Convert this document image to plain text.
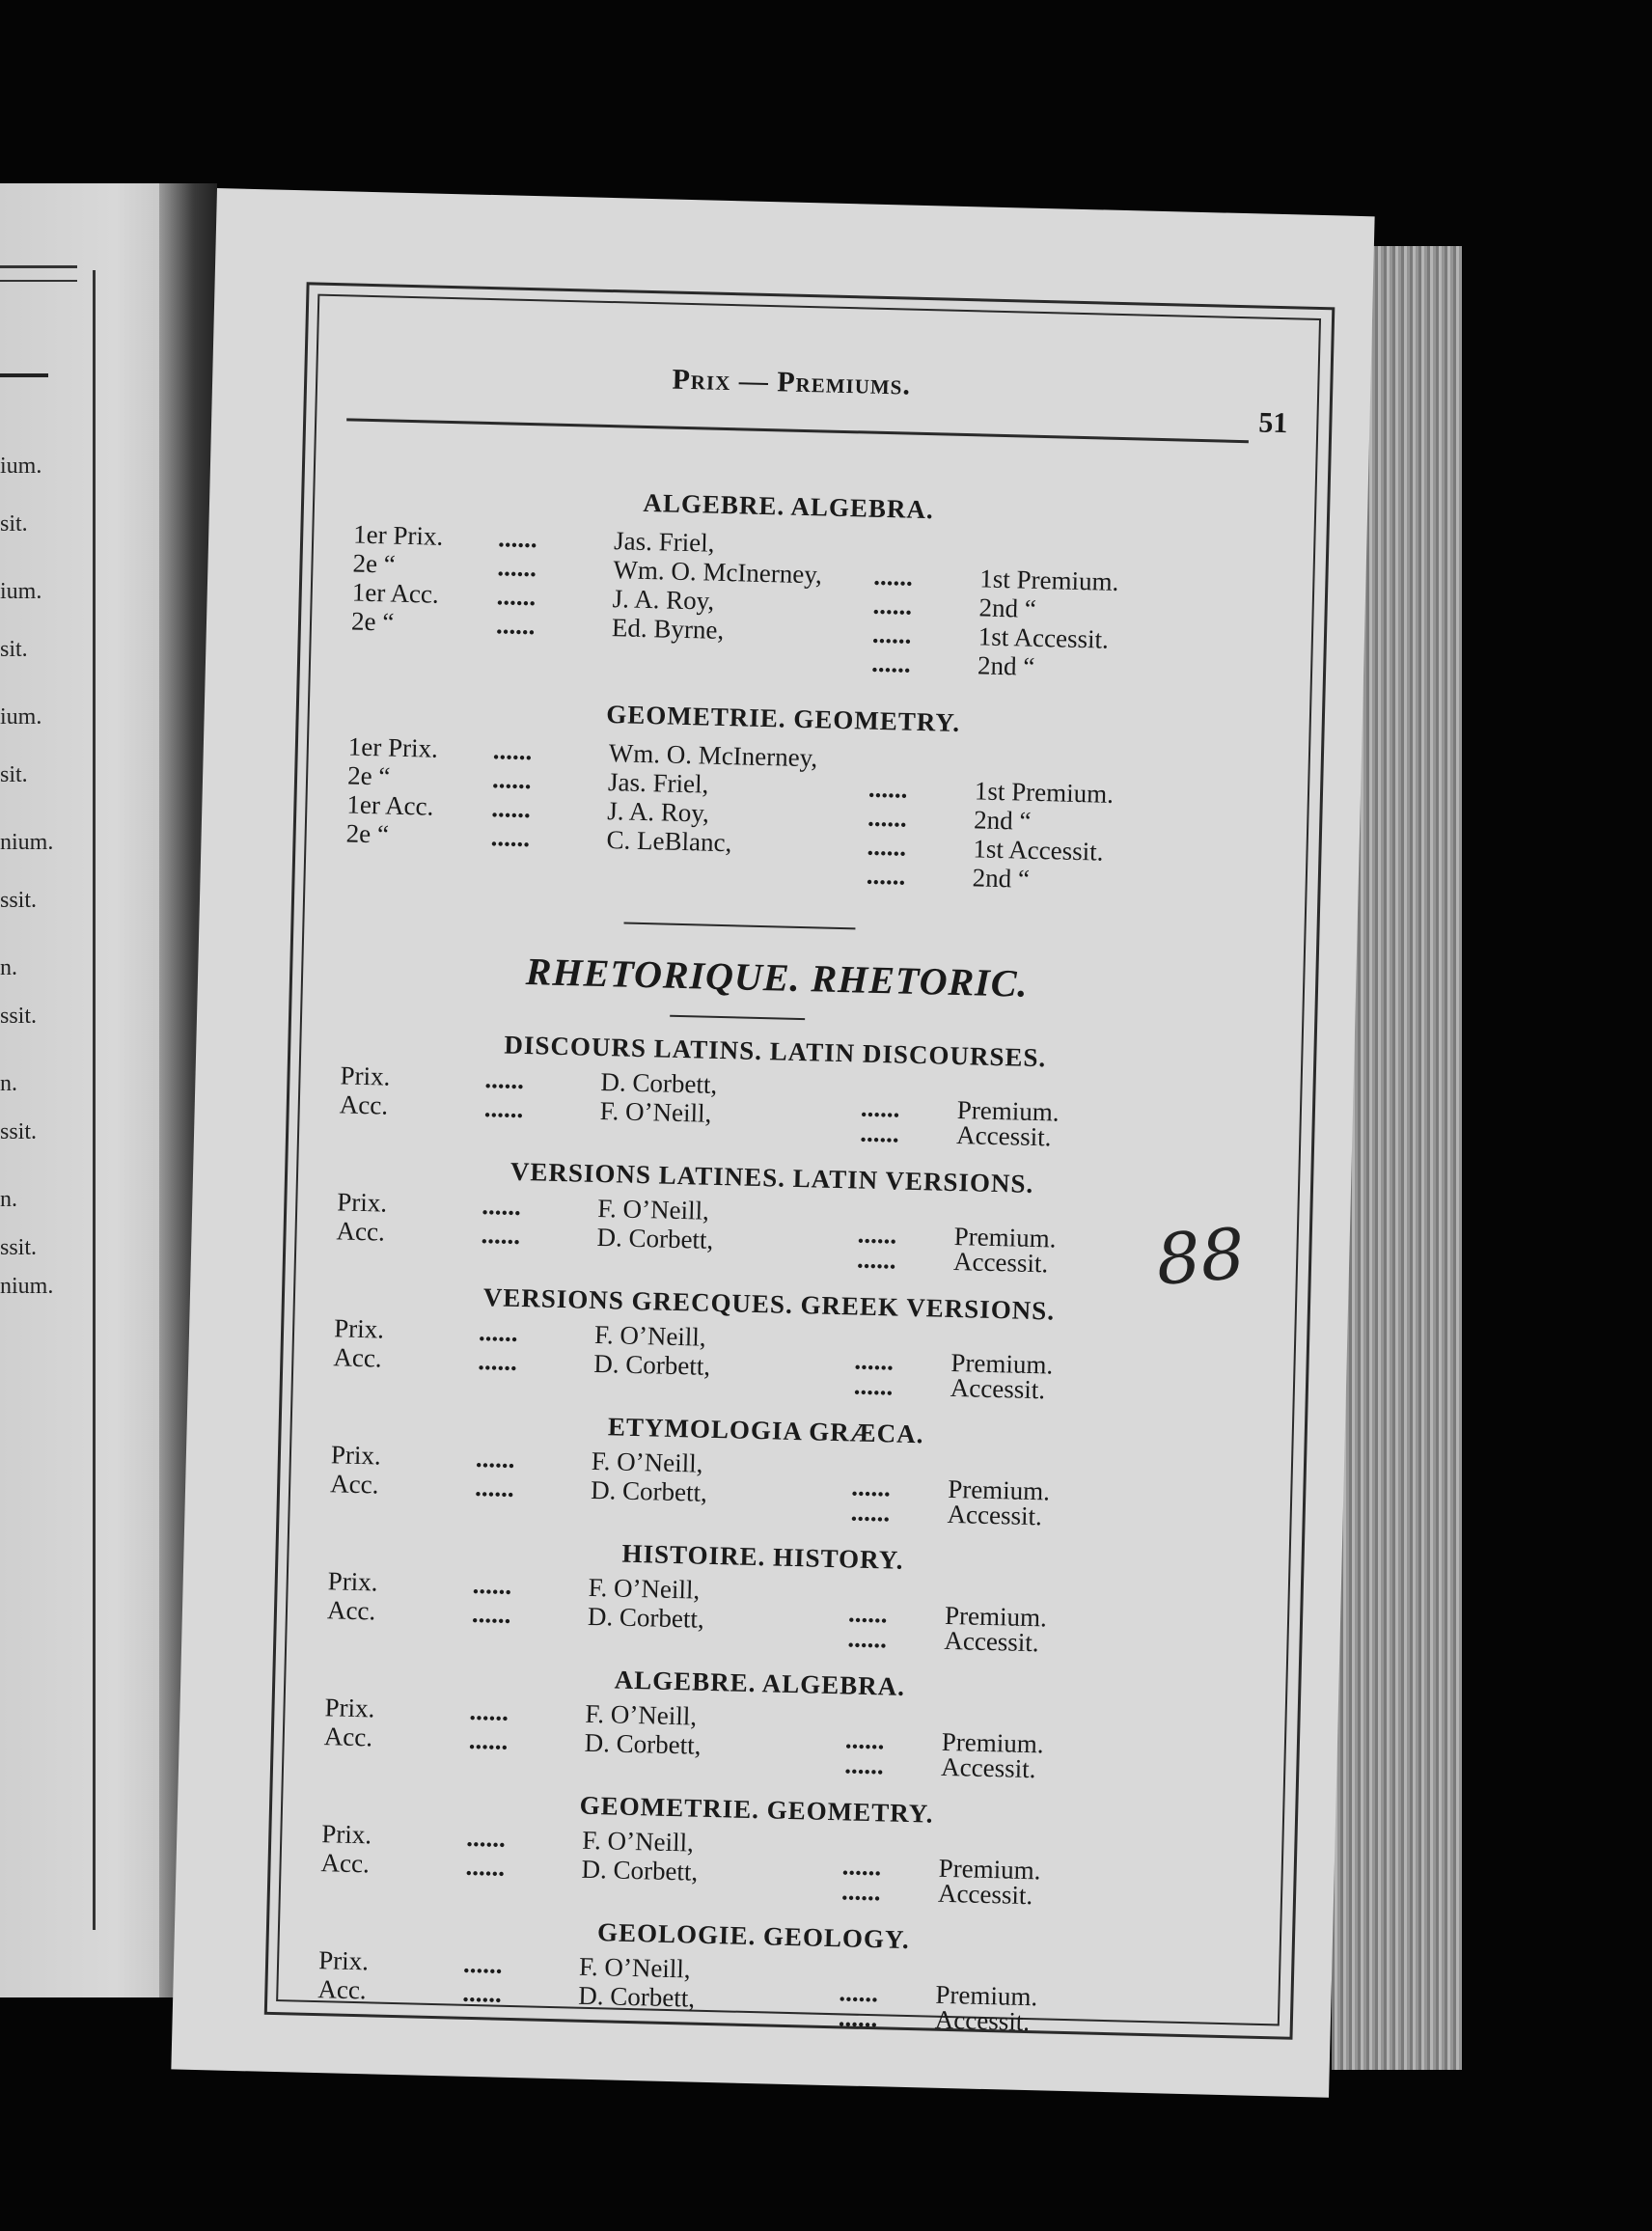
ium.
sit.
ium.
sit.
ium.
sit.
nium.
ssit.
n.
ssit.
n.
ssit.
n.
ssit.
nium.
Prix — Premiums.
51
ALGEBRE. ALGEBRA.
1er Prix. ......	Jas. Friel,
2e “	......	Wm. O. McInerney, ......	1st Premium.
1er Acc. ......	J. A. Roy,	......	2nd “
2e “	......	Ed. Byrne,	......	1st Accessit.
......	2nd “
GEOMETRIE. GEOMETRY.
1er Prix. ......	Wm. O. McInerney,
2e “	......	Jas. Friel,	......	1st Premium.
1er Acc. ......	J. A. Roy,	......	2nd “
2e “	......	C. LeBlanc,	......	1st Accessit.
......	2nd “
RHETORIQUE. RHETORIC.
DISCOURS LATINS. LATIN DISCOURSES.
Prix.	......	D. Corbett,
Acc.	......	F. O’Neill,	...... Premium.
...... Accessit.
VERSIONS LATINES. LATIN VERSIONS.
Prix.	......	F. O’Neill,
Acc.	......	D. Corbett,	...... Premium.
...... Accessit.
VERSIONS GRECQUES. GREEK VERSIONS.
Prix.	......	F. O’Neill,
Acc.	......	D. Corbett,	...... Premium.
...... Accessit.
ETYMOLOGIA GRÆCA.
Prix.	......	F. O’Neill,
Acc.	......	D. Corbett,	...... Premium.
...... Accessit.
HISTOIRE. HISTORY.
Prix.	......	F. O’Neill,
Acc.	......	D. Corbett,	...... Premium.
...... Accessit.
ALGEBRE. ALGEBRA.
Prix.	......	F. O’Neill,
Acc.	......	D. Corbett,	...... Premium.
...... Accessit.
GEOMETRIE. GEOMETRY.
Prix.	......	F. O’Neill,
Acc.	......	D. Corbett,	...... Premium.
...... Accessit.
GEOLOGIE. GEOLOGY.
Prix.	......	F. O’Neill,
Acc.	......	D. Corbett,	...... Premium.
...... Accessit.
88
